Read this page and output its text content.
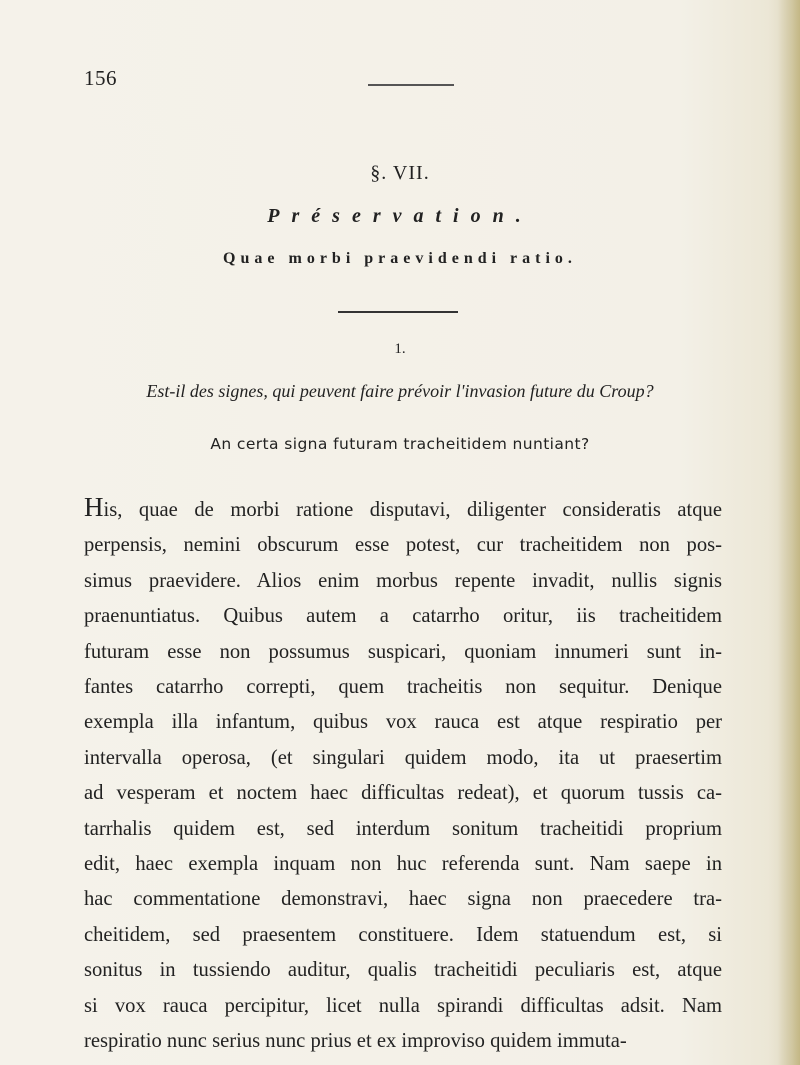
156
§. VII.
Préservation.
Quae morbi praevidendi ratio.
1.
Est-il des signes, qui peuvent faire prévoir l'invasion future du Croup?
An certa signa futuram tracheitidem nuntiant?
His, quae de morbi ratione disputavi, diligenter consideratis atque
perpensis, nemini obscurum esse potest, cur tracheitidem non pos-
simus praevidere. Alios enim morbus repente invadit, nullis signis
praenuntiatus. Quibus autem a catarrho oritur, iis tracheitidem
futuram esse non possumus suspicari, quoniam innumeri sunt in-
fantes catarrho correpti, quem tracheitis non sequitur. Denique
exempla illa infantum, quibus vox rauca est atque respiratio per
intervalla operosa, (et singulari quidem modo, ita ut praesertim
ad vesperam et noctem haec difficultas redeat), et quorum tussis ca-
tarrhalis quidem est, sed interdum sonitum tracheitidi proprium
edit, haec exempla inquam non huc referenda sunt. Nam saepe in
hac commentatione demonstravi, haec signa non praecedere tra-
cheitidem, sed praesentem constituere. Idem statuendum est, si
sonitus in tussiendo auditur, qualis tracheitidi peculiaris est, atque
si vox rauca percipitur, licet nulla spirandi difficultas adsit. Nam
respiratio nunc serius nunc prius et ex improviso quidem immuta-
